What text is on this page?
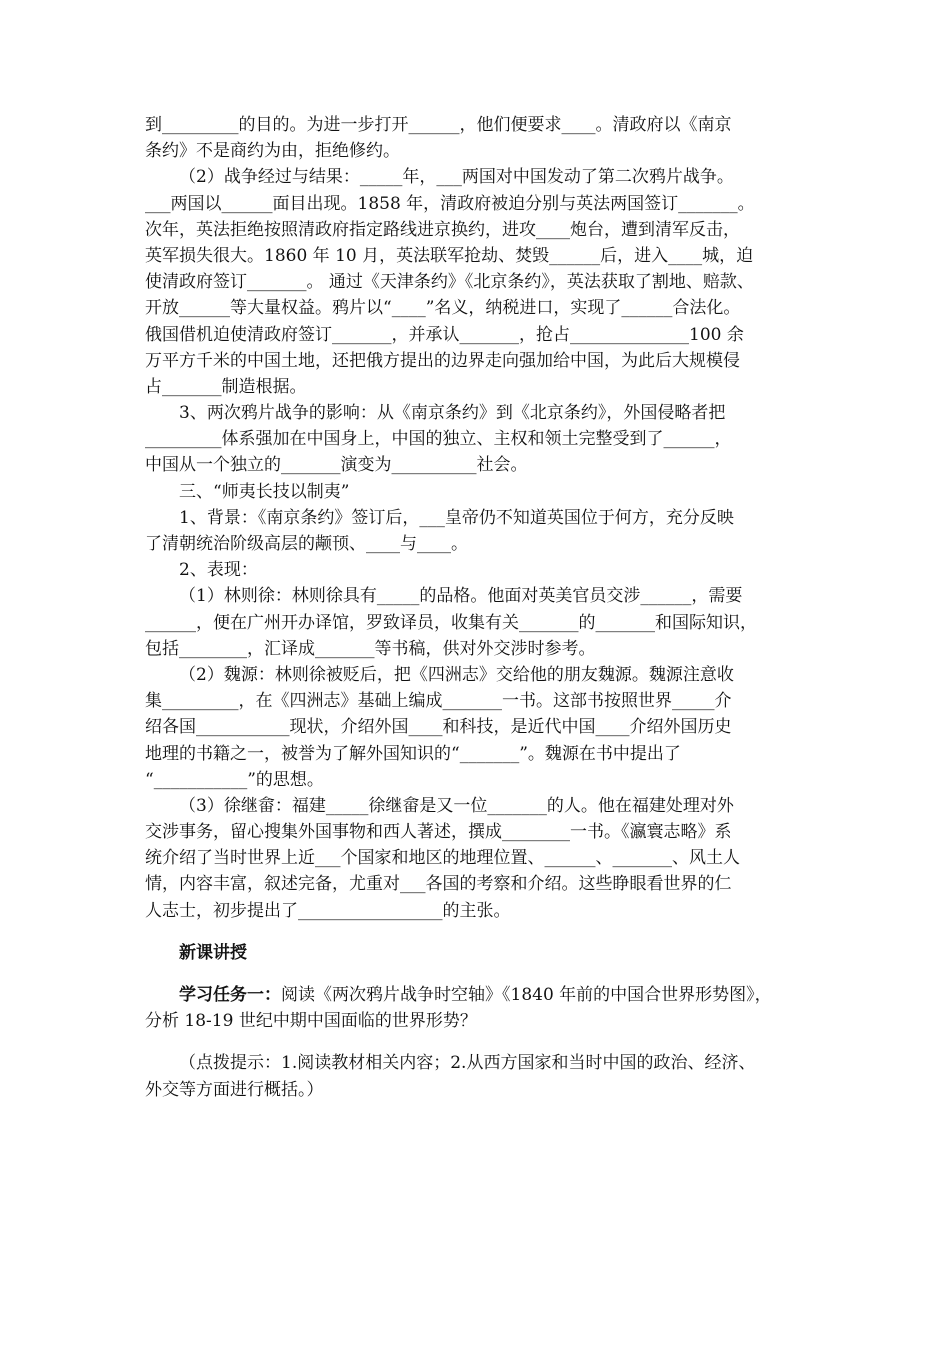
到_________的目的。为进一步打开______，他们便要求____。清政府以《南京
条约》不是商约为由，拒绝修约。
（2）战争经过与结果：_____年，___两国对中国发动了第二次鸦片战争。
___两国以______面目出现。1858 年，清政府被迫分别与英法两国签订_______。
次年，英法拒绝按照清政府指定路线进京换约，进攻____炮台，遭到清军反击，
英军损失很大。1860 年 10 月，英法联军抢劫、焚毁______后，进入____城，迫
使清政府签订_______。 通过《天津条约》《北京条约》，英法获取了割地、赔款、
开放______等大量权益。鸦片以“____”名义，纳税进口，实现了______合法化。
俄国借机迫使清政府签订_______，并承认_______，抢占______________100 余
万平方千米的中国土地，还把俄方提出的边界走向强加给中国，为此后大规模侵
占_______制造根据。
3、两次鸦片战争的影响：从《南京条约》到《北京条约》，外国侵略者把
_________体系强加在中国身上，中国的独立、主权和领土完整受到了______，
中国从一个独立的_______演变为__________社会。
三、“师夷长技以制夷”
1、背景：《南京条约》签订后，___皇帝仍不知道英国位于何方，充分反映
了清朝统治阶级高层的颟顸、____与____。
2、表现：
（1）林则徐：林则徐具有_____的品格。他面对英美官员交涉______，需要
______，便在广州开办译馆，罗致译员，收集有关_______的_______和国际知识，
包括________，汇译成_______等书稿，供对外交涉时参考。
（2）魏源：林则徐被贬后，把《四洲志》交给他的朋友魏源。魏源注意收
集_________，在《四洲志》基础上编成_______一书。这部书按照世界_____介
绍各国___________现状，介绍外国____和科技，是近代中国____介绍外国历史
地理的书籍之一，被誉为了解外国知识的“_______”。魏源在书中提出了
“___________”的思想。
（3）徐继畲：福建_____徐继畲是又一位_______的人。他在福建处理对外
交涉事务，留心搜集外国事物和西人著述，撰成________一书。《瀛寰志略》系
统介绍了当时世界上近___个国家和地区的地理位置、______、_______、风土人
情，内容丰富，叙述完备，尤重对___各国的考察和介绍。这些睁眼看世界的仁
人志士，初步提出了_________________的主张。
新课讲授
学习任务一：阅读《两次鸦片战争时空轴》《1840 年前的中国合世界形势图》，
分析 18-19 世纪中期中国面临的世界形势？
（点拨提示：1.阅读教材相关内容；2.从西方国家和当时中国的政治、经济、
外交等方面进行概括。）
